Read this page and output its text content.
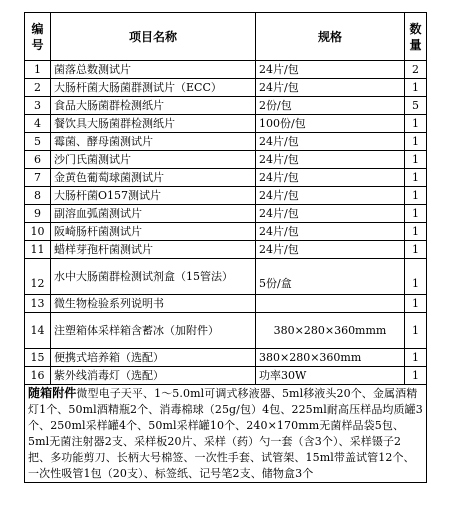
编号	项目名称	规格	数量
1	菌落总数测试片	24片/包	2
2	大肠杆菌大肠菌群测试片（ECC）	24片/包	1
3	食品大肠菌群检测纸片	2份/包	5
4	餐饮具大肠菌群检测纸片	100份/包	1
5	霉菌、酵母菌测试片	24片/包	1
6	沙门氏菌测试片	24片/包	1
7	金黄色葡萄球菌测试片	24片/包	1
8	大肠杆菌O157测试片	24片/包	1
9	副溶血弧菌测试片	24片/包	1
10	阪崎肠杆菌测试片	24片/包	1
11	蜡样芽孢杆菌测试片	24片/包	1
12	水中大肠菌群检测试剂盒（15管法）	5份/盒	1
13	微生物检验系列说明书		1
14	注塑箱体采样箱含蓄冰（加附件）	380×280×360mmm	1
15	便携式培养箱（选配）	380×280×360mm	1
16	紫外线消毒灯（选配）	功率30W	1
随箱附件微型电子天平、1～5.0ml可调式移液器、5ml移液头20个、金属酒精灯1个、50ml酒精瓶2个、消毒棉球（25g/包）4包、225ml耐高压样品均质罐3个、250ml采样罐4个、50ml采样罐10个、240×170mm无菌样品袋5包、5ml无菌注射器2支、采样板20片、采样（药）勺一套（含3个）、采样镊子2把、多功能剪刀、长柄大号棉签、一次性手套、试管架、15ml带盖试管12个、一次性吸管1包（20支）、标签纸、记号笔2支、储物盒3个			
